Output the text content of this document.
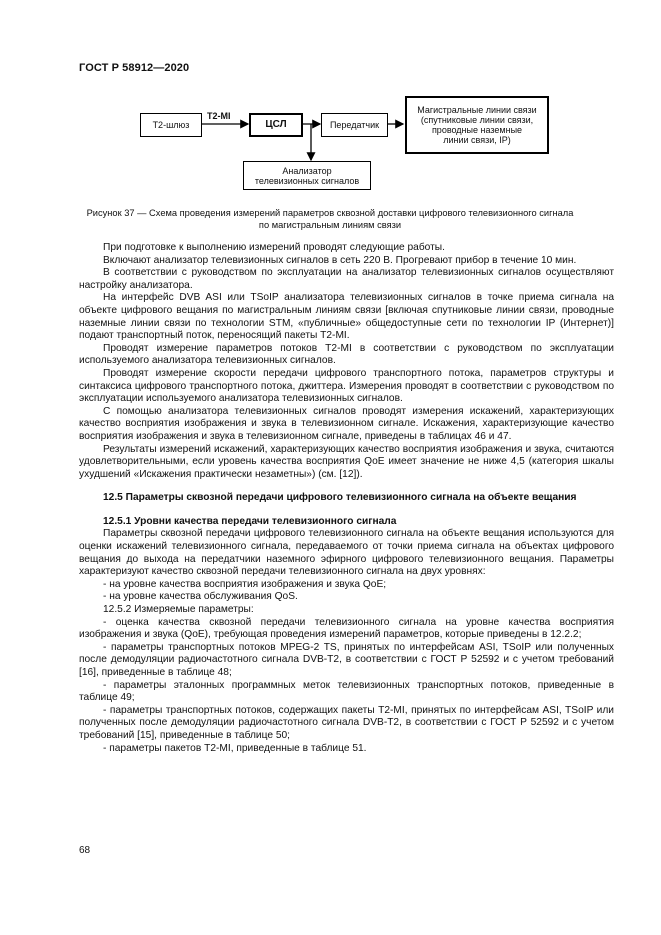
ГОСТ Р 58912—2020
Т2-шлюз
T2-MI
ЦСЛ	Передатчик
Магистральные линии связи
(спутниковые линии связи,
проводные наземные
линии связи, IP)
Анализатор
телевизионных сигналов
Рисунок 37 — Схема проведения измерений параметров сквозной доставки цифрового телевизионного сигнала
по магистральным линиям связи

При подготовке к выполнению измерений проводят следующие работы.

Включают анализатор телевизионных сигналов в сеть 220 В. Прогревают прибор в течение 10 мин.

В соответствии с руководством по эксплуатации на анализатор телевизионных сигналов осуществляют настройку анализатора.

На интерфейс DVB ASI или TSoIP анализатора телевизионных сигналов в точке приема сигнала на объекте цифрового вещания по магистральным линиям связи [включая спутниковые линии связи, проводные наземные линии связи по технологии STM, «публичные» общедоступные сети по технологии IP (Интернет)] подают транспортный поток, переносящий пакеты T2-MI.

Проводят измерение параметров потоков T2-MI в соответствии с руководством по эксплуатации используемого анализатора телевизионных сигналов.

Проводят измерение скорости передачи цифрового транспортного потока, параметров структуры и синтаксиса цифрового транспортного потока, джиттера. Измерения проводят в соответствии с руководством по эксплуатации используемого анализатора телевизионных сигналов.

С помощью анализатора телевизионных сигналов проводят измерения искажений, характеризующих качество восприятия изображения и звука в телевизионном сигнале. Искажения, характеризующие качество восприятия изображения и звука в телевизионном сигнале, приведены в таблицах 46 и 47.

Результаты измерений искажений, характеризующих качество восприятия изображения и звука, считаются удовлетворительными, если уровень качества восприятия QoE имеет значение не ниже 4,5 (категория шкалы ухудшений «Искажения практически незаметны») (см. [12]).

12.5 Параметры сквозной передачи цифрового телевизионного сигнала на объекте вещания

12.5.1 Уровни качества передачи телевизионного сигнала

Параметры сквозной передачи цифрового телевизионного сигнала на объекте вещания используются для оценки искажений телевизионного сигнала, передаваемого от точки приема сигнала на объектах цифрового вещания до выхода на передатчики наземного эфирного цифрового телевизионного вещания. Параметры характеризуют качество сквозной передачи телевизионного сигнала на двух уровнях:

- на уровне качества восприятия изображения и звука QoE;

- на уровне качества обслуживания QoS.

12.5.2 Измеряемые параметры:

- оценка качества сквозной передачи телевизионного сигнала на уровне качества восприятия изображения и звука (QoE), требующая проведения измерений параметров, которые приведены в 12.2.2;

- параметры транспортных потоков MPEG-2 TS, принятых по интерфейсам ASI, TSoIP или полученных после демодуляции радиочастотного сигнала DVB-T2, в соответствии с ГОСТ Р 52592 и с учетом требований [16], приведенные в таблице 48;

- параметры эталонных программных меток телевизионных транспортных потоков, приведенные в таблице 49;

- параметры транспортных потоков, содержащих пакеты T2-MI, принятых по интерфейсам ASI, TSoIP или полученных после демодуляции радиочастотного сигнала DVB-T2, в соответствии с ГОСТ Р 52592 и с учетом требований [15], приведенные в таблице 50;

- параметры пакетов T2-MI, приведенные в таблице 51.

68
